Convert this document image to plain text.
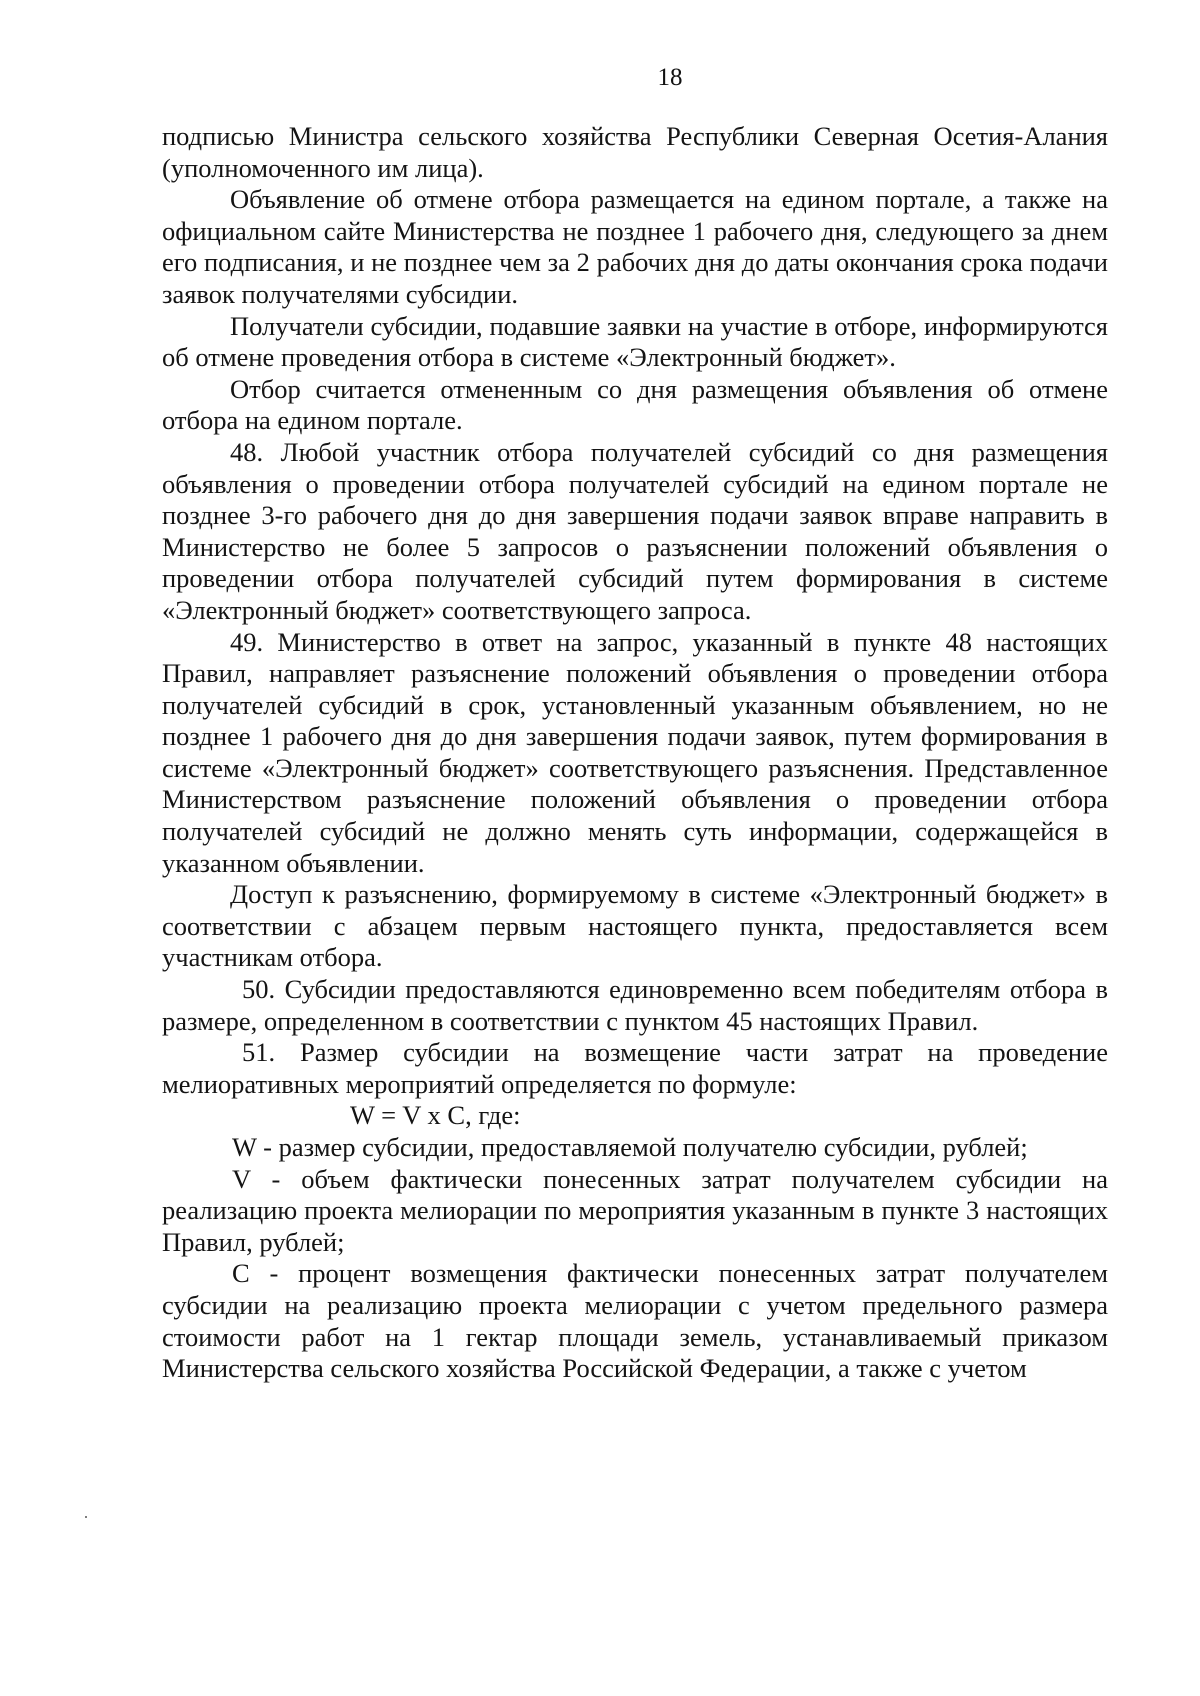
18

подписью Министра сельского хозяйства Республики Северная Осетия-Алания (уполномоченного им лица).

Объявление об отмене отбора размещается на едином портале, а также на официальном сайте Министерства не позднее 1 рабочего дня, следующего за днем его подписания, и не позднее чем за 2 рабочих дня до даты окончания срока подачи заявок получателями субсидии.

Получатели субсидии, подавшие заявки на участие в отборе, информируются об отмене проведения отбора в системе «Электронный бюджет».

Отбор считается отмененным со дня размещения объявления об отмене отбора на едином портале.

48. Любой участник отбора получателей субсидий со дня размещения объявления о проведении отбора получателей субсидий на едином портале не позднее 3-го рабочего дня до дня завершения подачи заявок вправе направить в Министерство не более 5 запросов о разъяснении положений объявления о проведении отбора получателей субсидий путем формирования в системе «Электронный бюджет» соответствующего запроса.

49. Министерство в ответ на запрос, указанный в пункте 48 настоящих Правил, направляет разъяснение положений объявления о проведении отбора получателей субсидий в срок, установленный указанным объявлением, но не позднее 1 рабочего дня до дня завершения подачи заявок, путем формирования в системе «Электронный бюджет» соответствующего разъяснения. Представленное Министерством разъяснение положений объявления о проведении отбора получателей субсидий не должно менять суть информации, содержащейся в указанном объявлении.

Доступ к разъяснению, формируемому в системе «Электронный бюджет» в соответствии с абзацем первым настоящего пункта, предоставляется всем участникам отбора.

50. Субсидии предоставляются единовременно всем победителям отбора в размере, определенном в соответствии с пунктом 45 настоящих Правил.

51. Размер субсидии на возмещение части затрат на проведение мелиоративных мероприятий определяется по формуле:

W = V x C, где:

W - размер субсидии, предоставляемой получателю субсидии, рублей;

V - объем фактически понесенных затрат получателем субсидии на реализацию проекта мелиорации по мероприятия указанным в пункте 3 настоящих Правил, рублей;

C - процент возмещения фактически понесенных затрат получателем субсидии на реализацию проекта мелиорации с учетом предельного размера стоимости работ на 1 гектар площади земель, устанавливаемый приказом Министерства сельского хозяйства Российской Федерации, а также с учетом
